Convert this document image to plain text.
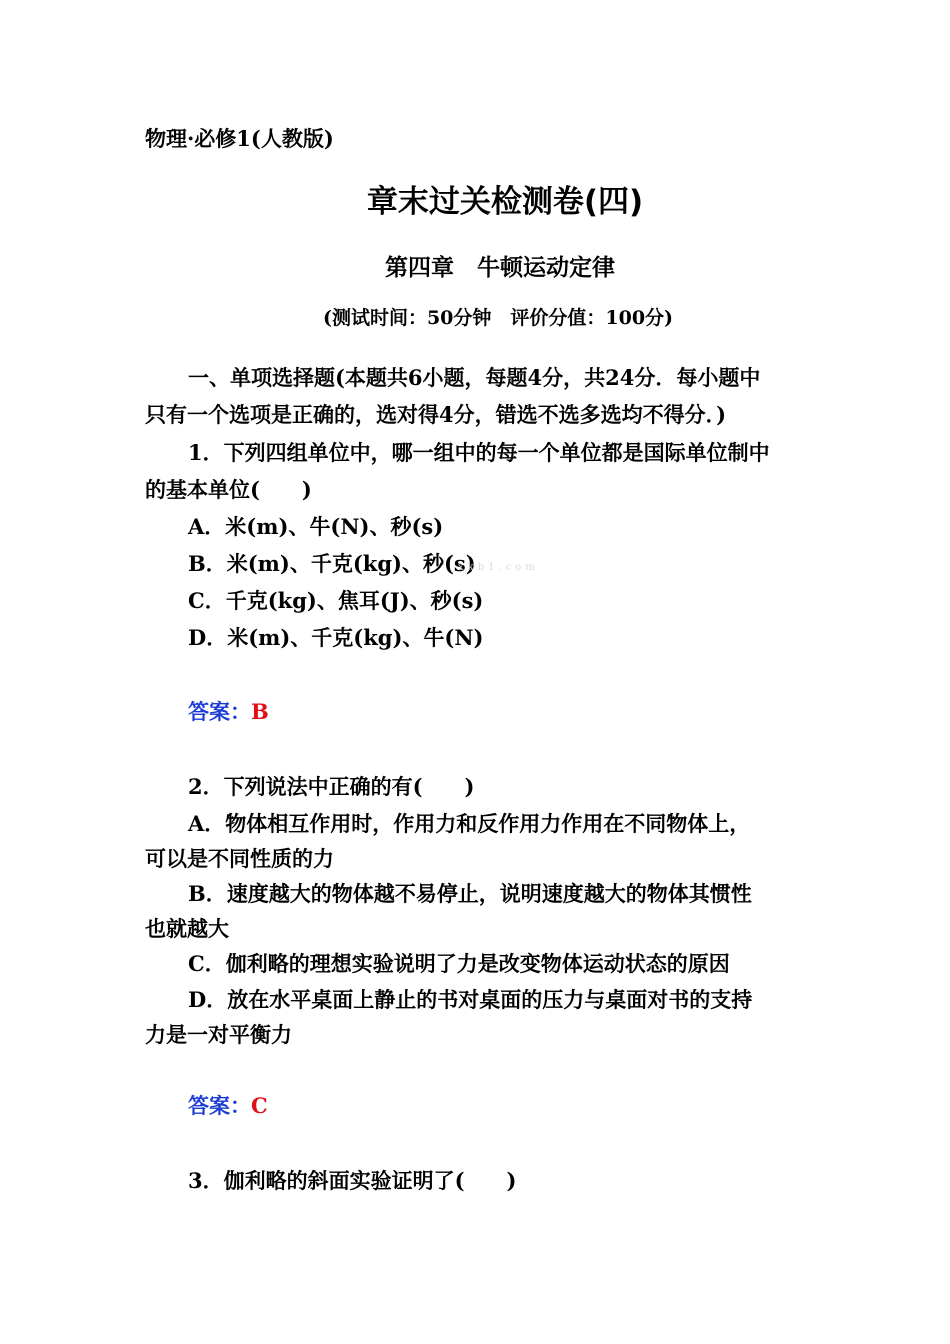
物理·必修1(人教版)
章末过关检测卷(四)
第四章　牛顿运动定律
(测试时间：50分钟　评价分值：100分)
一、单项选择题(本题共6小题，每题4分，共24分．每小题中
只有一个选项是正确的，选对得4分，错选不选多选均不得分．)
1．下列四组单位中，哪一组中的每一个单位都是国际单位制中
的基本单位(　　)
A．米(m)、牛(N)、秒(s)
B．米(m)、千克(kg)、秒(s)
xkb1.com
C．千克(kg)、焦耳(J)、秒(s)
D．米(m)、千克(kg)、牛(N)
答案：B
2．下列说法中正确的有(　　)
A．物体相互作用时，作用力和反作用力作用在不同物体上，
可以是不同性质的力
B．速度越大的物体越不易停止，说明速度越大的物体其惯性
也就越大
C．伽利略的理想实验说明了力是改变物体运动状态的原因
D．放在水平桌面上静止的书对桌面的压力与桌面对书的支持
力是一对平衡力
答案：C
3．伽利略的斜面实验证明了(　　)
